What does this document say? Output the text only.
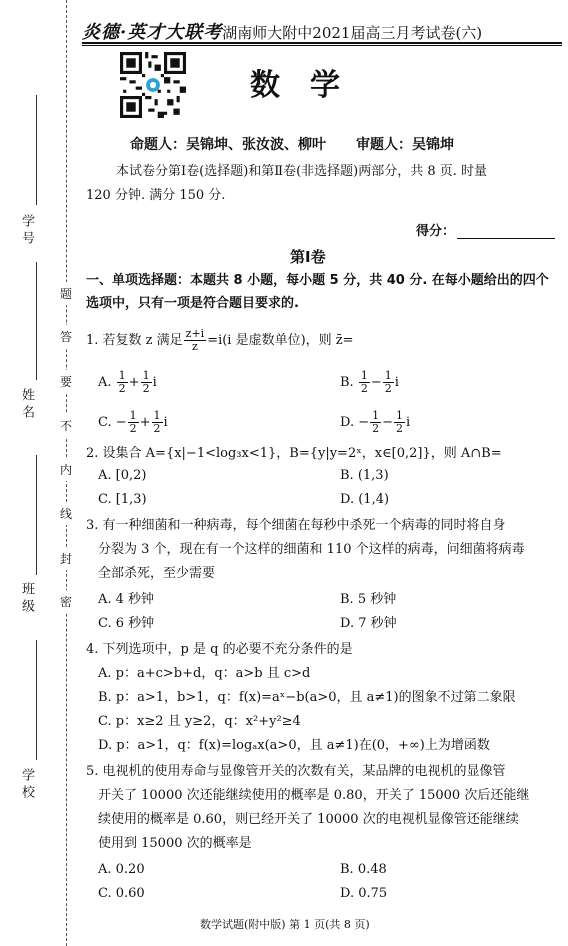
学 号
姓 名
班 级
学 校
题
答
要
不
内
线
封
密
炎德·英才大联考湖南师大附中2021届高三月考试卷(六)
数学
命题人：吴锦坤、张汝波、柳叶 审题人：吴锦坤
本试卷分第Ⅰ卷(选择题)和第Ⅱ卷(非选择题)两部分，共 8 页. 时量
120 分钟. 满分 150 分.
得分：
第Ⅰ卷
一、单项选择题：本题共 8 小题，每小题 5 分，共 40 分. 在每小题给出的四个
选项中，只有一项是符合题目要求的.
1. 若复数 z 满足 $\frac{z+i}{z} =i(i$ 是虚数单位)，则 z̄=
A. $\frac{1}{2} + \frac{1}{2}$ i	B. $\frac{1}{2} - \frac{1}{2}$ i
C. − $\frac{1}{2} + \frac{1}{2}$ i	D. − $\frac{1}{2} - \frac{1}{2}$ i
2. 设集合 A={x|−1<log₃x<1}，B={y|y=2ˣ，x∈[0,2]}，则 A∩B=
A. [0,2)	B. (1,3)
C. [1,3)	D. (1,4)
3. 有一种细菌和一种病毒，每个细菌在每秒中杀死一个病毒的同时将自身
分裂为 3 个，现在有一个这样的细菌和 110 个这样的病毒，问细菌将病毒
全部杀死，至少需要
A. 4 秒钟	B. 5 秒钟
C. 6 秒钟	D. 7 秒钟
4. 下列选项中，p 是 q 的必要不充分条件的是
A. p：a+c>b+d，q：a>b 且 c>d
B. p：a>1，b>1，q：f(x)=aˣ−b(a>0，且 a≠1)的图象不过第二象限
C. p：x≥2 且 y≥2，q：x²+y²≥4
D. p：a>1，q：f(x)=logₐx(a>0，且 a≠1)在(0，+∞)上为增函数
5. 电视机的使用寿命与显像管开关的次数有关，某品牌的电视机的显像管
开关了 10000 次还能继续使用的概率是 0.80，开关了 15000 次后还能继
续使用的概率是 0.60，则已经开关了 10000 次的电视机显像管还能继续
使用到 15000 次的概率是
A. 0.20	B. 0.48
C. 0.60	D. 0.75
数学试题(附中版) 第 1 页(共 8 页)
